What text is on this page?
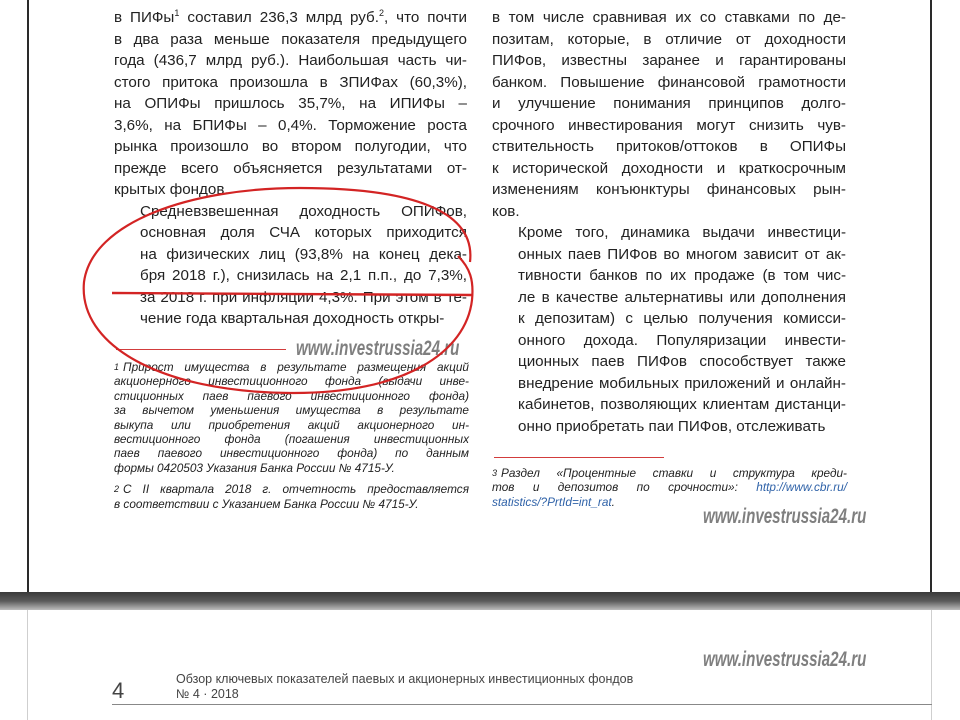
в ПИФы$^1$ составил 236,3 млрд руб.$^2$, что почти

в два раза меньше показателя предыдущего

года (436,7 млрд руб.). Наибольшая часть чи-

стого притока произошла в ЗПИФах (60,3%),

на ОПИФы пришлось 35,7%, на ИПИФы –

3,6%, на БПИФы – 0,4%. Торможение роста

рынка произошло во втором полугодии, что

прежде всего объясняется результатами от-

крытых фондов.

Средневзвешенная доходность ОПИФов,

основная доля СЧА которых приходится

на физических лиц (93,8% на конец дека-

бря 2018 г.), снизилась на 2,1 п.п., до 7,3%,

за 2018 г. при инфляции 4,3%. При этом в те-

чение года квартальная доходность откры-

в том числе сравнивая их со ставками по де-

позитам, которые, в отличие от доходности

ПИФов, известны заранее и гарантированы

банком. Повышение финансовой грамотности

и улучшение понимания принципов долго-

срочного инвестирования могут снизить чув-

ствительность притоков/оттоков в ОПИФы

к исторической доходности и краткосрочным

изменениям конъюнктуры финансовых рын-

ков.

Кроме того, динамика выдачи инвестици-

онных паев ПИФов во многом зависит от ак-

тивности банков по их продаже (в том чис-

ле в качестве альтернативы или дополнения

к депозитам) с целью получения комисси-

онного дохода. Популяризации инвести-

ционных паев ПИФов способствует также

внедрение мобильных приложений и онлайн-

кабинетов, позволяющих клиентам дистанци-

онно приобретать паи ПИФов, отслеживать

$^1$ Прирост имущества в результате размещения акций
акционерного инвестиционного фонда (выдачи инве-
стиционных паев паевого инвестиционного фонда)
за вычетом уменьшения имущества в результате
выкупа или приобретения акций акционерного ин-
вестиционного фонда (погашения инвестиционных
паев паевого инвестиционного фонда) по данным
формы 0420503 Указания Банка России № 4715-У.
$^2$ С II квартала 2018 г. отчетность предоставляется
в соответствии с Указанием Банка России № 4715-У.
$^3$ Раздел «Процентные ставки и структура креди-
тов и депозитов по срочности»: http://www.cbr.ru/
statistics/?PrtId=int_rat.
www.investrussia24.ru
www.investrussia24.ru
www.investrussia24.ru
4	Обзор ключевых показателей паевых и акционерных инвестиционных фондов
№ 4 · 2018
